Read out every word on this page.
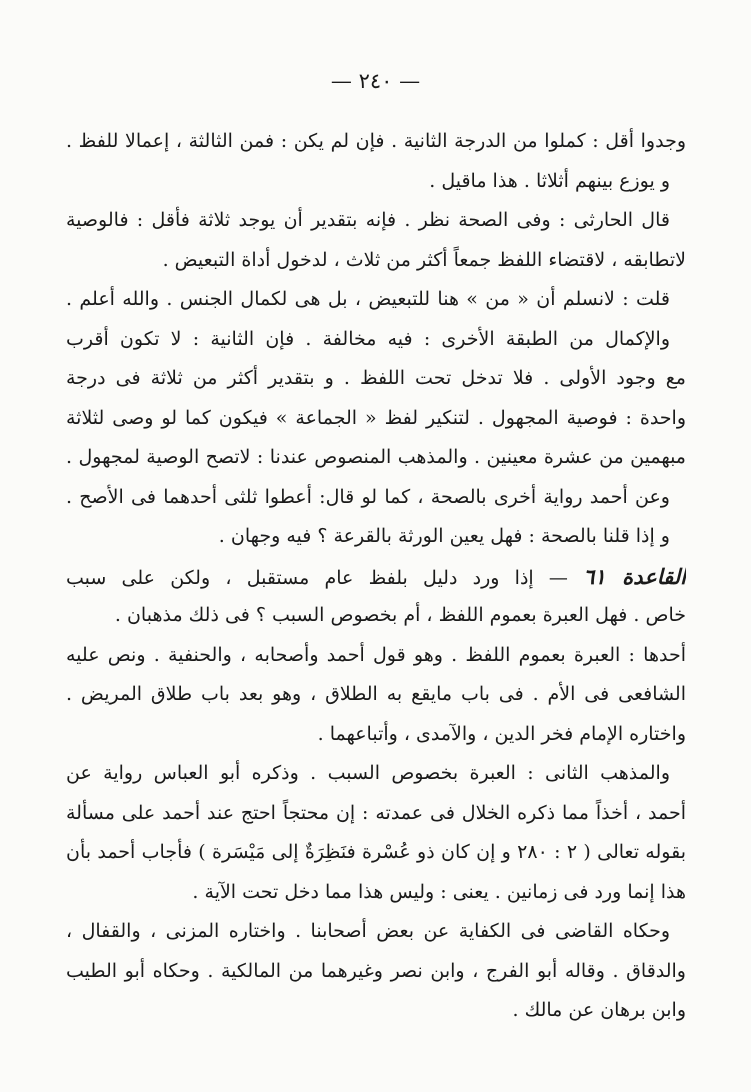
— ٢٤٠ —
وجدوا أقل : كملوا من الدرجة الثانية . فإن لم يكن : فمن الثالثة ، إعمالا للفظ .
و يوزع بينهم أثلاثا . هذا ماقيل .
قال الحارثى : وفى الصحة نظر . فإنه بتقدير أن يوجد ثلاثة فأقل : فالوصية
لاتطابقه ، لاقتضاء اللفظ جمعاً أكثر من ثلاث ، لدخول أداة التبعيض .
قلت : لانسلم أن « من » هنا للتبعيض ، بل هى لكمال الجنس . والله أعلم .
والإكمال من الطبقة الأخرى : فيه مخالفة . فإن الثانية : لا تكون أقرب
مع وجود الأولى . فلا تدخل تحت اللفظ . و بتقدير أكثر من ثلاثة فى درجة
واحدة : فوصية المجهول . لتنكير لفظ « الجماعة » فيكون كما لو وصى لثلاثة
مبهمين من عشرة معينين . والمذهب المنصوص عندنا : لاتصح الوصية لمجهول .
وعن أحمد رواية أخرى بالصحة ، كما لو قال: أعطوا ثلثى أحدهما فى الأصح .
و إذا قلنا بالصحة : فهل يعين الورثة بالقرعة ؟ فيه وجهان .
القاعدة ٦١ — إذا ورد دليل بلفظ عام مستقبل ، ولكن على سبب
خاص . فهل العبرة بعموم اللفظ ، أم بخصوص السبب ؟ فى ذلك مذهبان .
أحدها : العبرة بعموم اللفظ . وهو قول أحمد وأصحابه ، والحنفية . ونص عليه
الشافعى فى الأم . فى باب مايقع به الطلاق ، وهو بعد باب طلاق المريض .
واختاره الإمام فخر الدين ، والآمدى ، وأتباعهما .
والمذهب الثانى : العبرة بخصوص السبب . وذكره أبو العباس رواية عن
أحمد ، أخذاً مما ذكره الخلال فى عمدته : إن محتجاً احتج عند أحمد على مسألة
بقوله تعالى ( ٢ : ٢٨٠ و إن كان ذو عُسْرة فنَظِرَةٌ إلى مَيْسَرة ) فأجاب أحمد بأن
هذا إنما ورد فى زمانين . يعنى : وليس هذا مما دخل تحت الآية .
وحكاه القاضى فى الكفاية عن بعض أصحابنا . واختاره المزنى ، والقفال ،
والدقاق . وقاله أبو الفرج ، وابن نصر وغيرهما من المالكية . وحكاه أبو الطيب
وابن برهان عن مالك .
